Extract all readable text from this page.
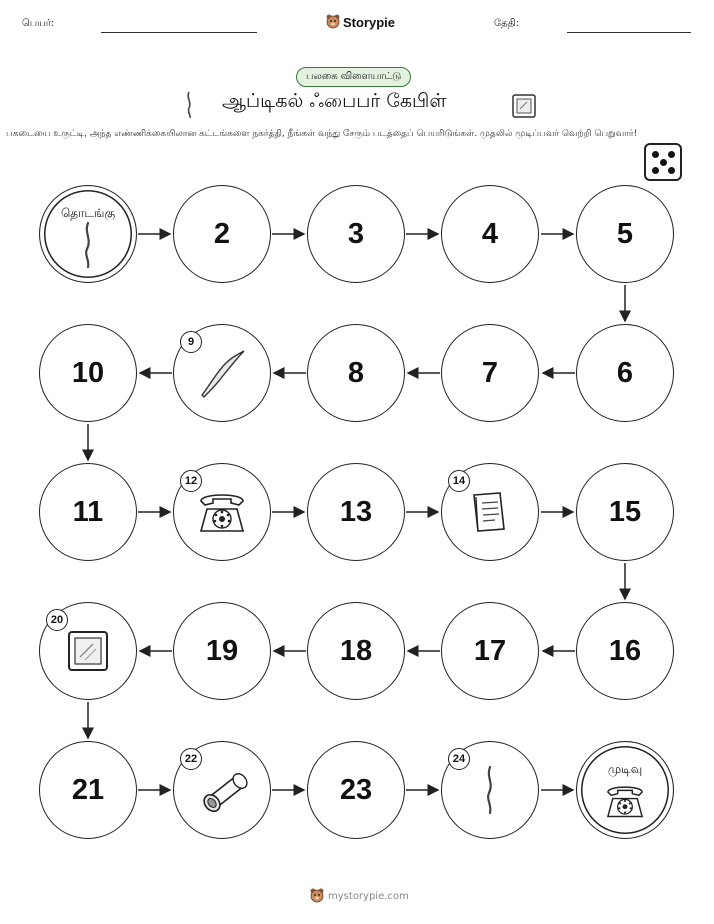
பெயர்:	Storypie	தேதி:
பலகை விளையாட்டு
ஆப்டிகல் ஃபைபர் கேபிள்
பகடையை உருட்டி, அந்த எண்ணிக்கையிலான கட்டங்களை நகர்த்தி, நீங்கள் வந்து சேரும் படத்தைப் பெயரிடுங்கள். முதலில் முடிப்பவர் வெற்றி பெறுவார்!
தொடங்கு
2	3	4	5
10
9
8	7	6
11
12
13
14
15
20
19	18	17	16
21
22
23
24
முடிவு
mystorypie.com
